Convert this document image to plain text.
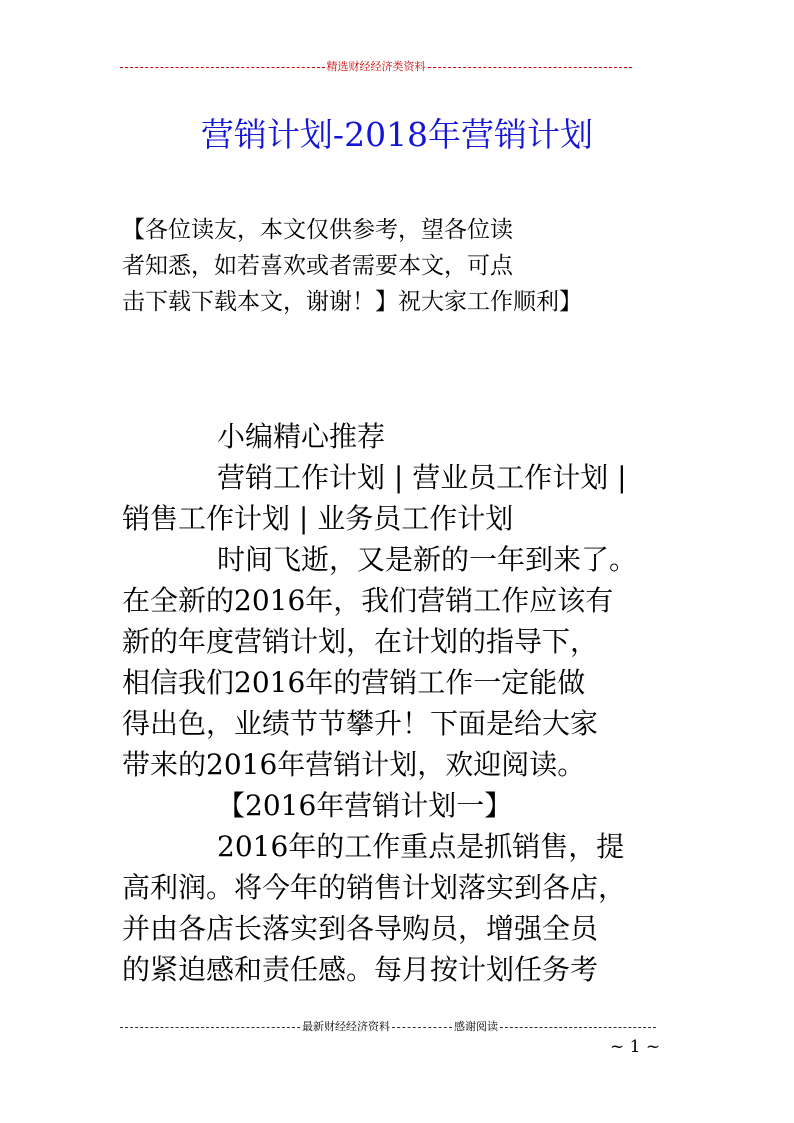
精选财经经济类资料
营销计划-2018年营销计划
【各位读友，本文仅供参考，望各位读
者知悉，如若喜欢或者需要本文，可点
击下载下载本文，谢谢！】祝大家工作顺利】
小编精心推荐
营销工作计划 | 营业员工作计划 |
销售工作计划 | 业务员工作计划
时间飞逝，又是新的一年到来了。
在全新的2016年，我们营销工作应该有
新的年度营销计划，在计划的指导下，
相信我们2016年的营销工作一定能做
得出色，业绩节节攀升！下面是给大家
带来的2016年营销计划，欢迎阅读。
【2016年营销计划一】
2016年的工作重点是抓销售，提
高利润。将今年的销售计划落实到各店，
并由各店长落实到各导购员，增强全员
的紧迫感和责任感。每月按计划任务考
最新财经经济资料	感谢阅读
~ 1 ~
